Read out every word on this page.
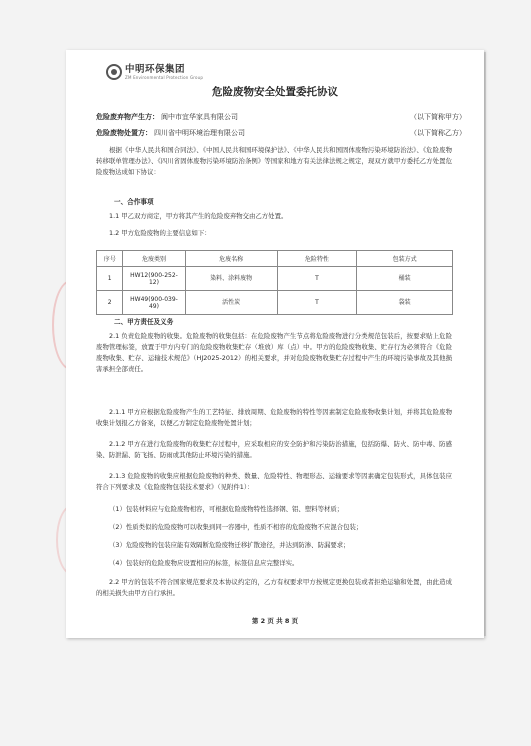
中明环保集团
ZM Environmental Protection Group
危险废物安全处置委托协议
危险废弃物产生方： 阆中市宜华家具有限公司	（以下简称甲方）
危险废物处置方： 四川省中明环境治理有限公司	（以下简称乙方）
根据《中华人民共和国合同法》、《中国人民共和国环境保护法》、《中华人民共和国固体废物污染环境防治法》、《危险废物转移联单管理办法》、《四川省固体废物污染环境防治条例》等国家和地方有关法律法规之规定，现双方就甲方委托乙方处置危险废物达成如下协议：
一、合作事项
1.1 甲乙双方商定，甲方将其产生的危险废弃物交由乙方处置。
1.2 甲方危险废物的主要信息如下：
序号	危废类别	危废名称	危险特性	包装方式
1	HW12(900-252-12)	染料、涂料废物	T	桶装
2	HW49(900-039-49)	活性炭	T	袋装
二、甲方责任及义务
2.1 负责危险废物的收集。危险废物的收集包括：在危险废物产生节点将危险废物进行分类规范包装后，按要求贴上危险废物管理标签，放置于甲方内专门的危险废物收集贮存（堆放）库（点）中。甲方的危险废物收集、贮存行为必须符合《危险废物收集、贮存、运输技术规范》（HJ2025-2012）的相关要求，并对危险废物收集贮存过程中产生的环境污染事故及其他损害承担全部责任。
2.1.1 甲方应根据危险废物产生的工艺特征、排放周期、危险废物的特性等因素制定危险废物收集计划，并将其危险废物收集计划报乙方备案，以便乙方制定危险废物处置计划；
2.1.2 甲方在进行危险废物的收集贮存过程中，应采取相应的安全防护和污染防治措施，包括防爆、防火、防中毒、防感染、防泄漏、防飞扬、防雨或其他防止环境污染的措施。
2.1.3 危险废物的收集应根据危险废物的种类、数量、危险特性、物理形态、运输要求等因素确定包装形式，具体包装应符合下列要求及《危险废物包装技术要求》（见附件1）：
（1）包装材料应与危险废物相容，可根据危险废物特性选择钢、铝、塑料等材质；
（2）性质类似的危险废物可以收集到同一容器中，性质不相容的危险废物不应混合包装；
（3）危险废物的包装应能有效隔断危险废物迁移扩散途径，并达到防渗、防漏要求；
（4）包装好的危险废物应设置相应的标签，标签信息应完整详实。
2.2 甲方的包装不符合国家规范要求及本协议约定的，乙方有权要求甲方按规定更换包装或者拒绝运输和处置，由此造成的相关损失由甲方自行承担。
第 2 页 共 8 页
